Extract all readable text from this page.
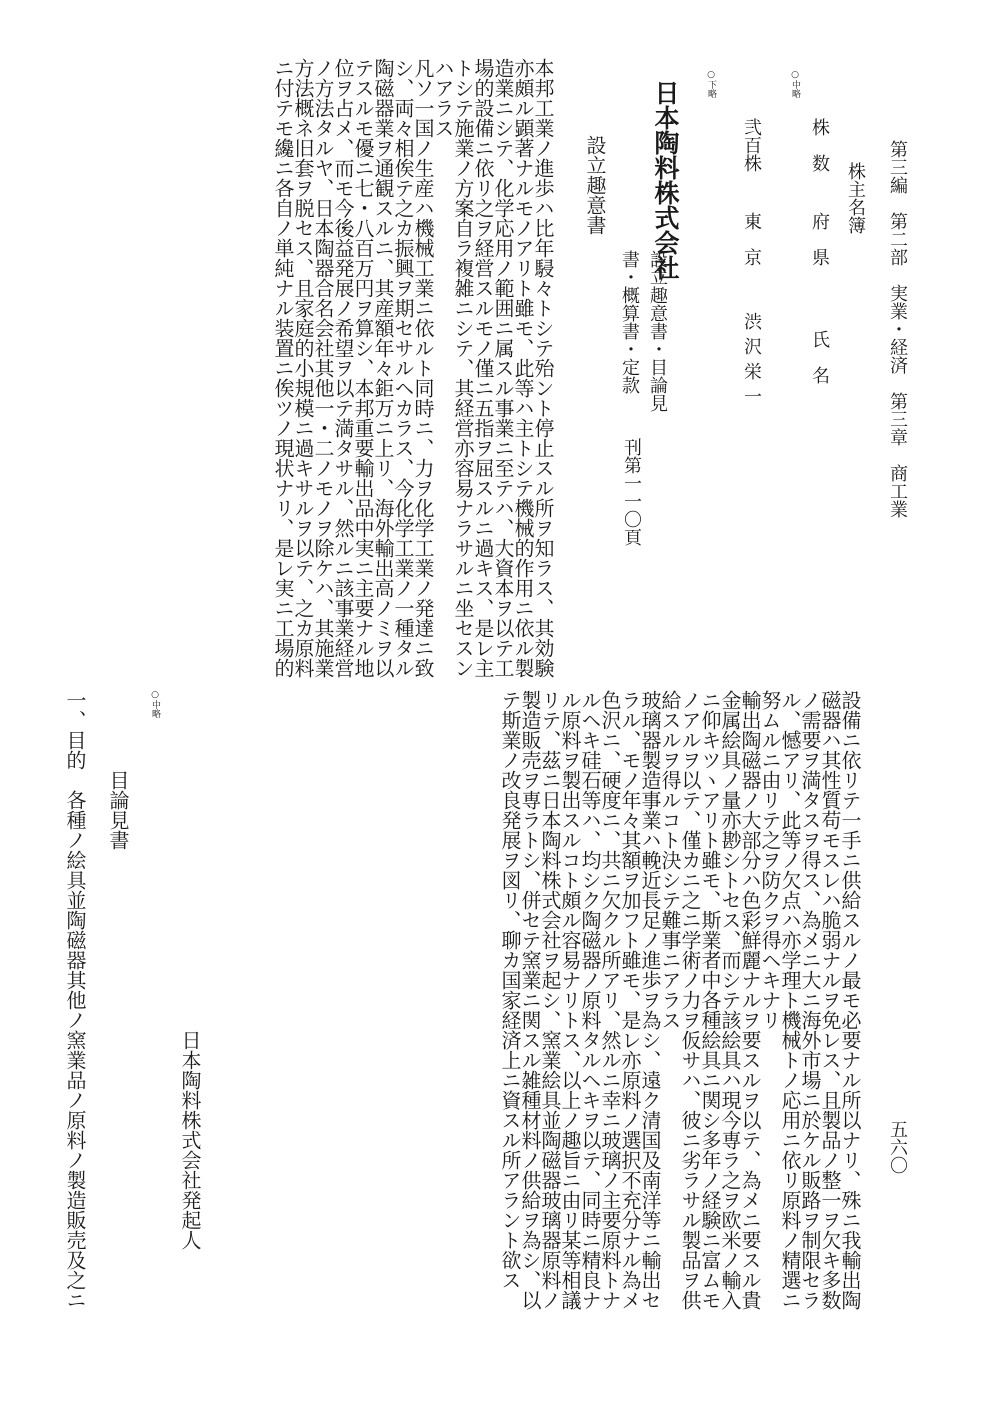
第三編　第二部　実業・経済　第三章　商工業
五六〇
株主名簿
株　数
府　県
氏　名
○中略
弐百株
東　京
渋沢栄一
○下略
日本陶料株式会社
設立趣意書・目論見
書・概算書・定款
刊第一一〇頁
設立趣意書
本邦工業ノ進歩ハ比年駸々トシテ殆ント停止スル所ヲ知ラス、其効験
亦頗ル顕著ナルモノアリト雖モ、此等ハ主トシテ機械的作用ニ依ル製
造業ニシテ、化学応用ノ範囲ニ属スル事業ニ至テハ、大資本ヲ以テ工
場的設備ニ依リ之ヲ経営スルモノ僅ニ五指ヲ屈スルニ過キス、是レ主
トシテ施業ノ方案自ラ複雑ニシテ、其経営亦容易ナラサルニ坐セスン
ハアラス
凡ソ一国ノ生産ハ機械工業ニ依ルト同時ニ、力ヲ化学工業ノ発達ニ致
シ、両々相俟テ之カ振興ヲ期セサルヘカラス、今化学工業ノ一種タル
陶磁器業ヲ通観スルニ、其産額年々鉅万ニ上リ、海外輸出高ノミヲ以
テスルモ優ニ七・八百万円ヲ算シ、本邦重要輸出品中実ニ主要ナル地
位ヲ占メ、而モ今後益発展ノ希望ヲ以テ満タサル、然ルニ該事業経営
ノ方法タルヤ、日本陶器合名会社其他一・二ノモノヲ除ケハ、其施業
方法概ネ旧套ヲ脱セス、且家庭的小規模ニ過キサルヲ以テ、之カ原料
ニ付テモ纔ニ各自ノ単純ナル装置ニ俟ツノ現状ナリ、是レ実ニ工場的
設備ニ依リテ一手ニ供給スルノ最モ必要ナル所以ナリ、殊ニ我輸出陶
磁器ハ其性質苟モスレハ脆弱ナルヲ免レス、且製品ノ整一ヲ欠キ多数
ノ需要ヲ満タスヲ得ス、為メニ大ニ海外市場ニ於ケル販路ヲ制限セラ
ル、憾アリ、此等ノ欠点ハ亦学理ト機械トノ応用ニ依リ原料ノ精選ニ
努ムルニ由リテ之ヲ防クヲ得ヘキナリ
輸出陶磁器ノ大部分ハ色彩鮮麗ナルヲ要スルヲ以テ、為メニ要スル貴
金属絵具ノ量亦尠シトセス、而シテ該絵具ハ現今専ラ之ヲ欧米ノ輸入
ニ仰キツヽアリト雖モ、斯業者中各種絵具ニ関シ多年ノ経験ニ富ムモ
ノアルヲ以テ、僅カニ之ニ学術ノ力ヲ仮サハ、彼ニ劣ラサル製品ヲ供
給スルヲ得ルコト決シテ難事ニアラス
玻璃器製造事業ハ輓近長足ノ進歩ヲ為シ、遠ク清国及南洋等ニ輸出セ
ラル、モノ年々其額ヲ加フト雖モ、是レ亦原料ノ選択不充分ナル為メ
色沢ニ、硬度ニ、共ニ欠クル所アリ、然ルニ幸ニ玻璃ノ主要原料トナ
ルヘキ硅石等ハ、均シク陶磁器ノ原料タルヘキヲ以テ、同時ニ精良ナ
ル原料ヲ製出スルコト頗ル容易ナリトス、以上ノ趣旨ニ由リ某等相議
リテ、茲ニ日本陶料株式会社ヲ起シ、窯業絵具並陶磁器玻璃器原料ノ
製造販売ヲ専ラトシ、併セテ窯業ニ関スル雑種材料ノ供給ヲ為シ、以
テ斯業ノ改良発展ヲ図リ、聊カ国家経済上ニ資スル所アラント欲ス
日本陶料株式会社発起人
○中略
目論見書
一、目的　各種ノ絵具並陶磁器其他ノ窯業品ノ原料ノ製造販売及之ニ
